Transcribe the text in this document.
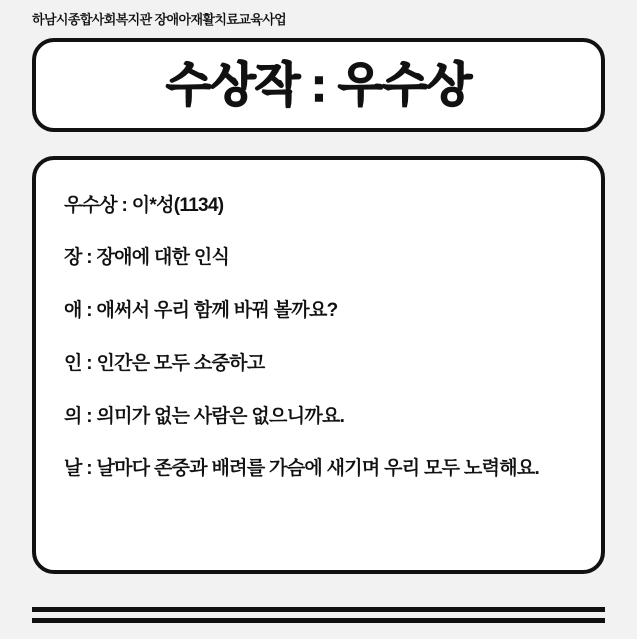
하남시종합사회복지관 장애아재활치료교육사업
수상작 : 우수상
우수상 : 이*성(1134)
장 : 장애에 대한 인식
애 : 애써서 우리 함께 바꿔 볼까요?
인 : 인간은 모두 소중하고
의 : 의미가 없는 사람은 없으니까요.
날 : 날마다 존중과 배려를 가슴에 새기며 우리 모두 노력해요.
